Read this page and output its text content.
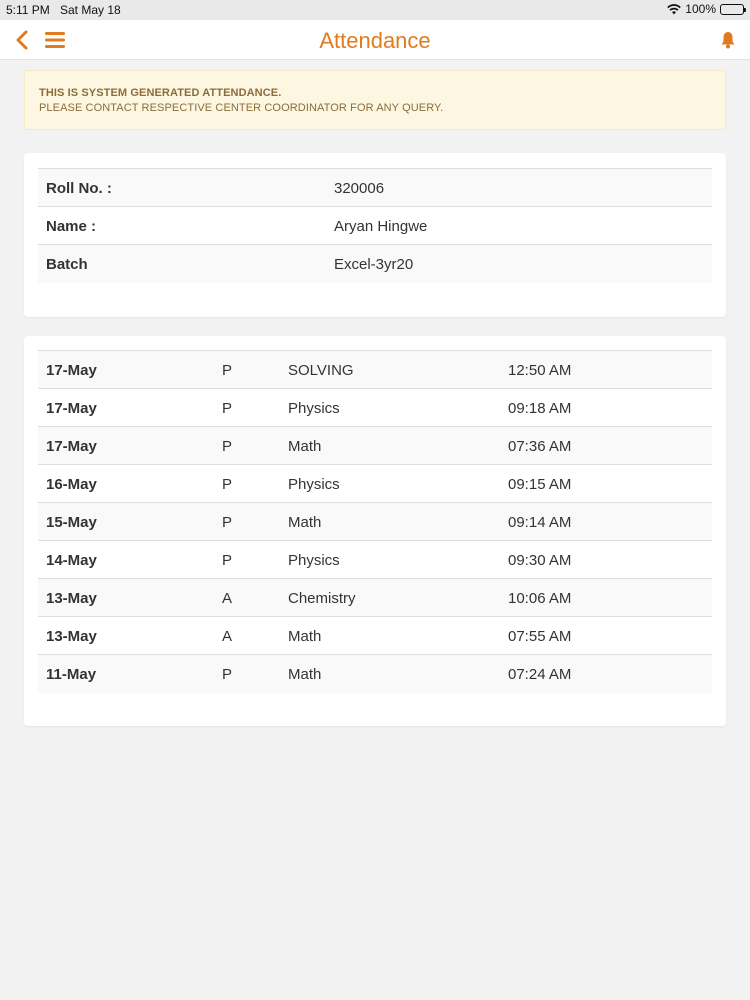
5:11 PM Sat May 18	100%
Attendance
THIS IS SYSTEM GENERATED ATTENDANCE.
PLEASE CONTACT RESPECTIVE CENTER COORDINATOR FOR ANY QUERY.
Roll No. :	320006
Name :	Aryan Hingwe
Batch	Excel-3yr20
17-May	P	SOLVING	12:50 AM
17-May	P	Physics	09:18 AM
17-May	P	Math	07:36 AM
16-May	P	Physics	09:15 AM
15-May	P	Math	09:14 AM
14-May	P	Physics	09:30 AM
13-May	A	Chemistry	10:06 AM
13-May	A	Math	07:55 AM
11-May	P	Math	07:24 AM
